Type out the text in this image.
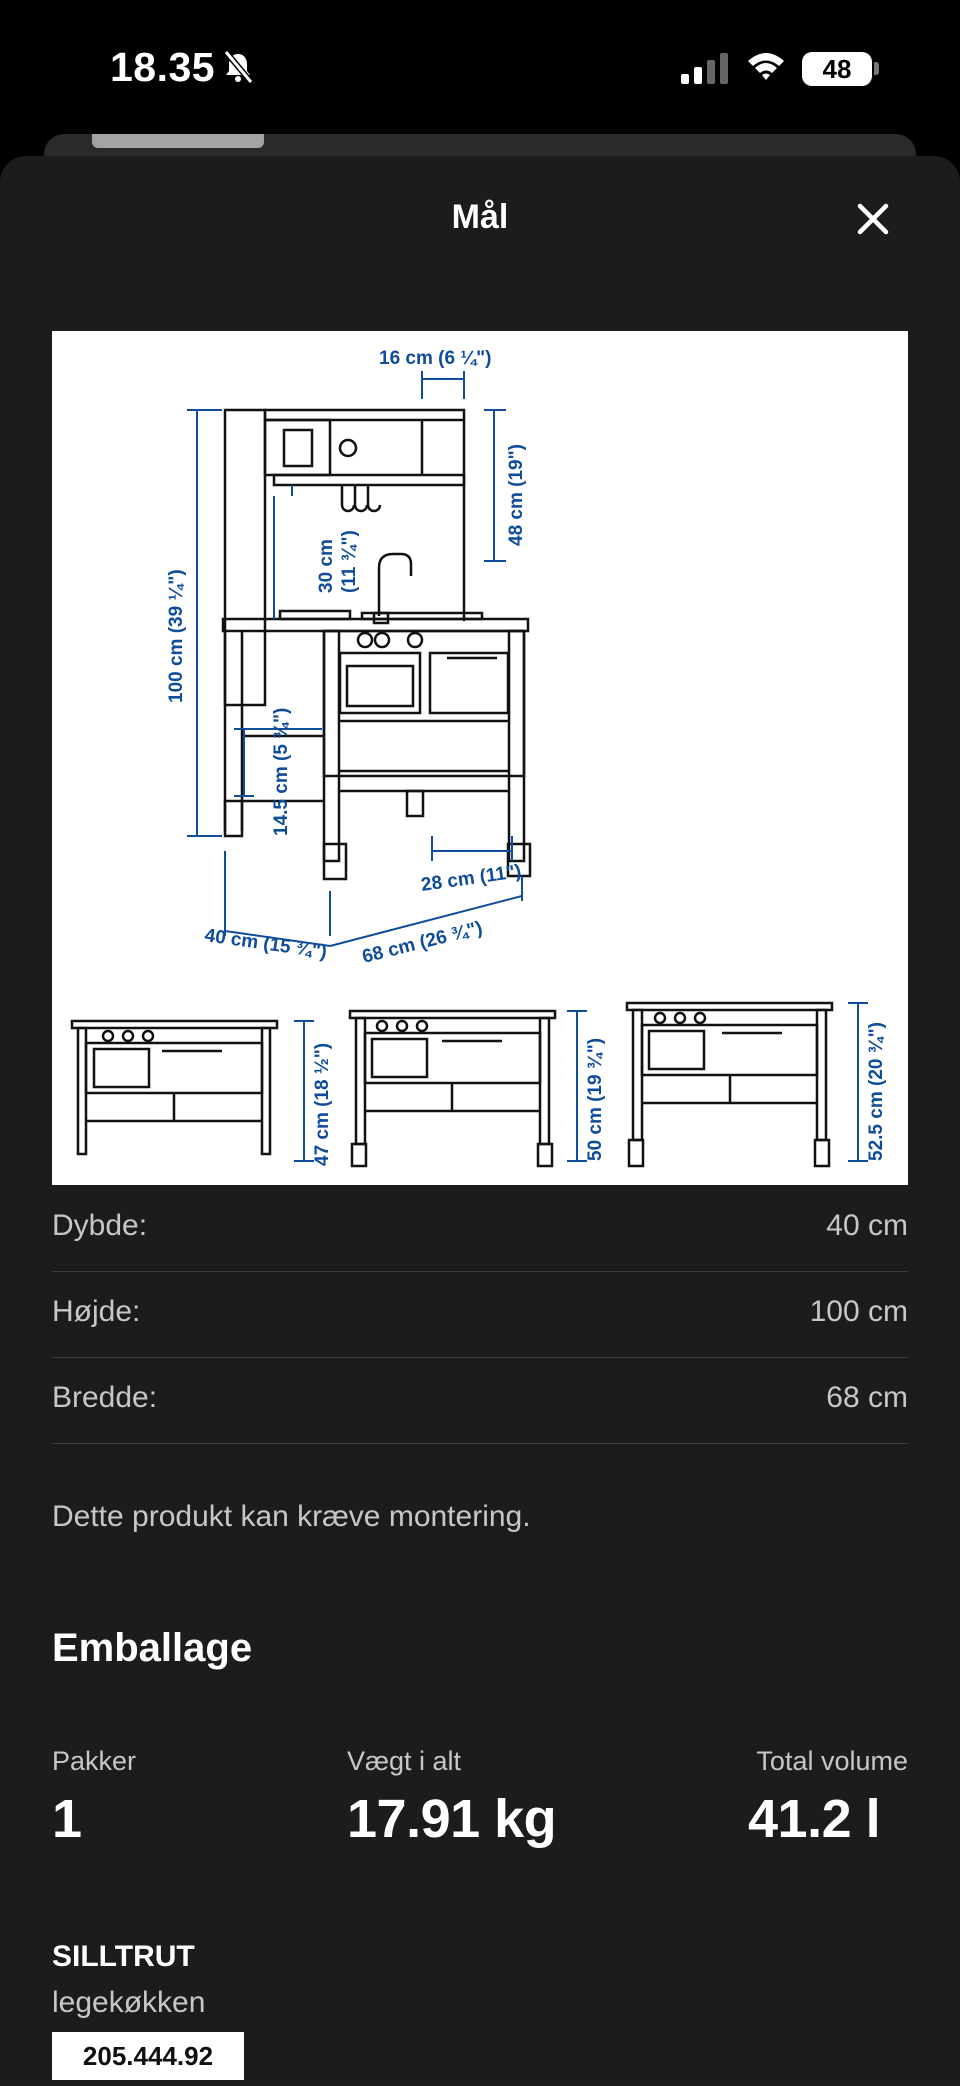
18.35	48
Mål
16 cm (6 ¼")
48 cm (19")
100 cm (39 ¼")
30 cm (11 ¾")
14.5 cm (5 ¾")
28 cm (11")
40 cm (15 ¾") 68 cm (26 ¾")
47 cm (18 ½")	50 cm (19 ¾")	52.5 cm (20 ¾")
Dybde:	40 cm
Højde:	100 cm
Bredde:	68 cm
Dette produkt kan kræve montering.
Emballage
Pakker
1
Vægt i alt
17.91 kg
Total volume
41.2 l
SILLTRUT
legekøkken
205.444.92
